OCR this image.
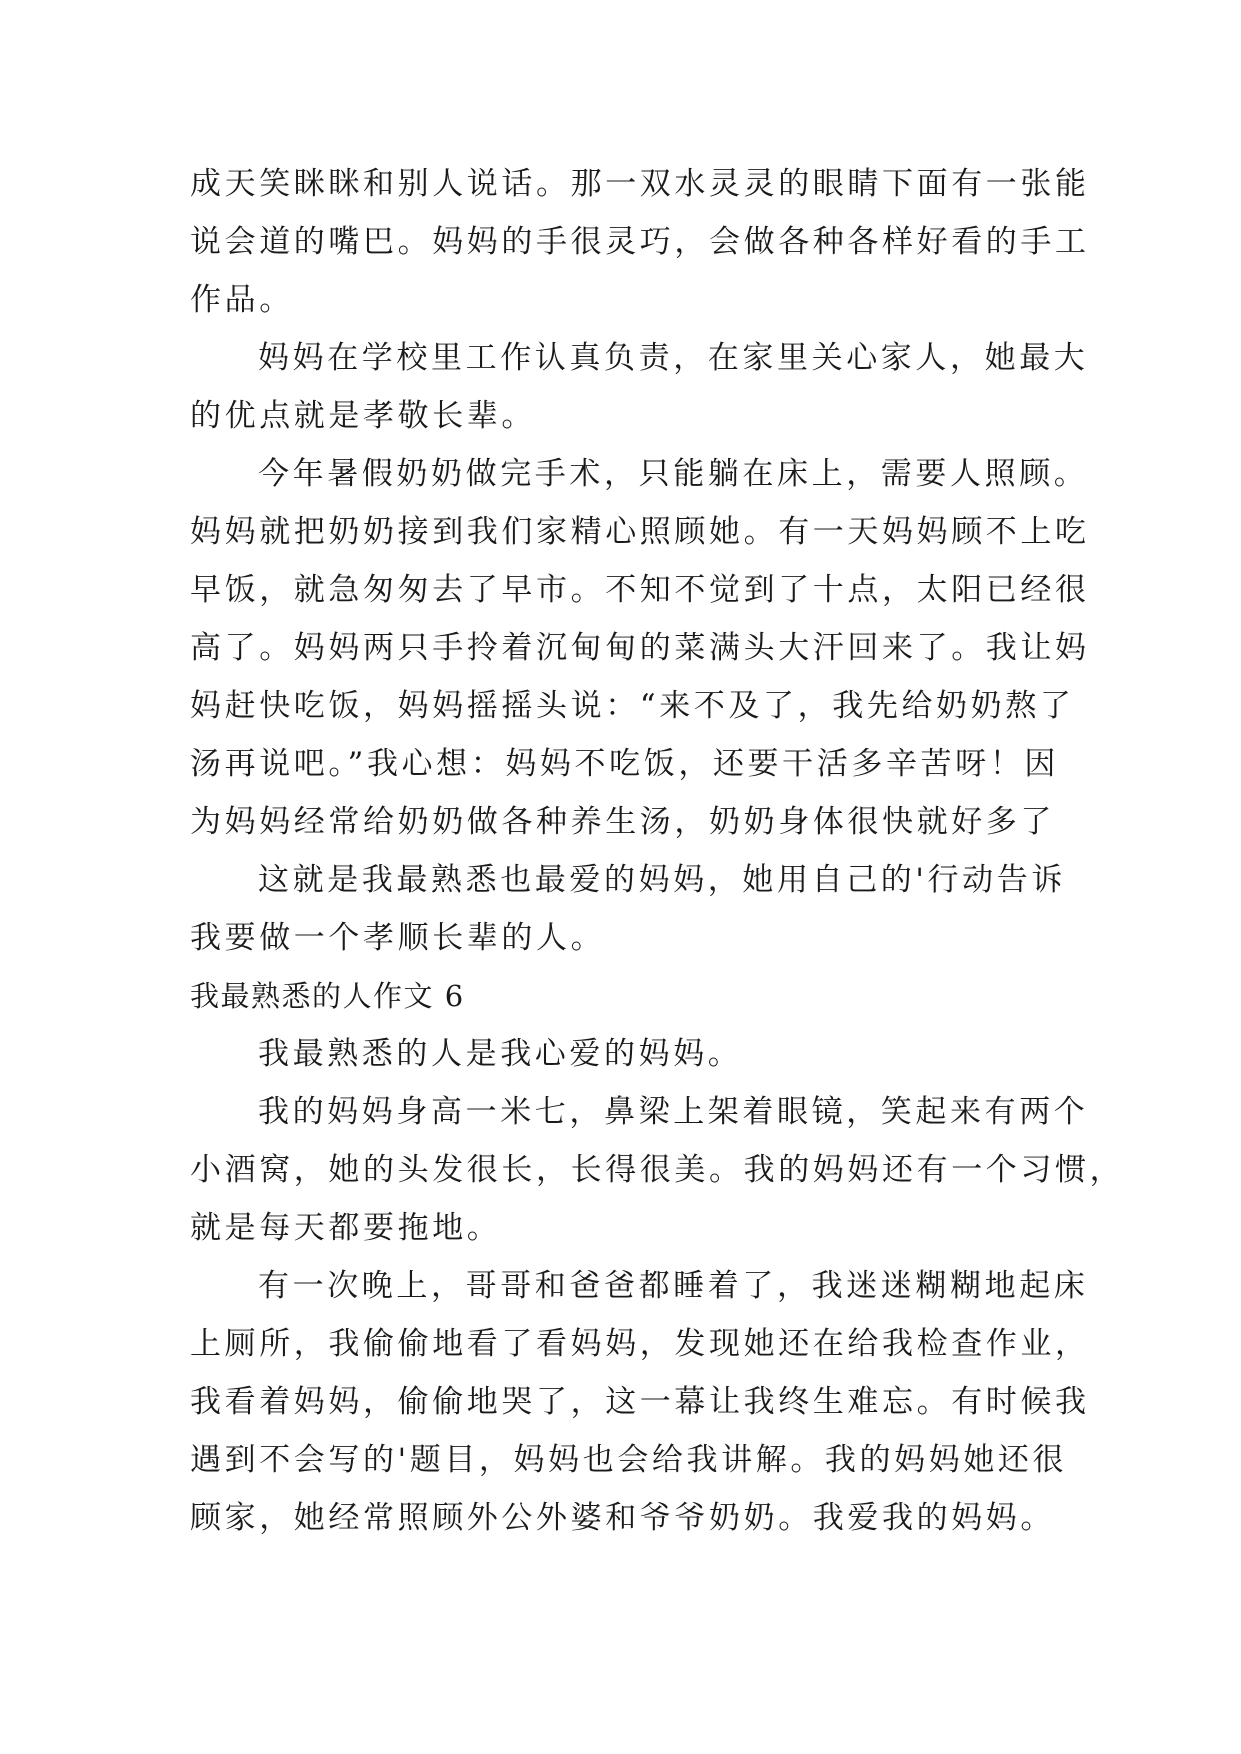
成天笑眯眯和别人说话。那一双水灵灵的眼睛下面有一张能
说会道的嘴巴。妈妈的手很灵巧，会做各种各样好看的手工
作品。
妈妈在学校里工作认真负责，在家里关心家人，她最大
的优点就是孝敬长辈。
今年暑假奶奶做完手术，只能躺在床上，需要人照顾。
妈妈就把奶奶接到我们家精心照顾她。有一天妈妈顾不上吃
早饭，就急匆匆去了早市。不知不觉到了十点，太阳已经很
高了。妈妈两只手拎着沉甸甸的菜满头大汗回来了。我让妈
妈赶快吃饭，妈妈摇摇头说：“来不及了，我先给奶奶熬了
汤再说吧。”我心想：妈妈不吃饭，还要干活多辛苦呀！因
为妈妈经常给奶奶做各种养生汤，奶奶身体很快就好多了
这就是我最熟悉也最爱的妈妈，她用自己的'行动告诉
我要做一个孝顺长辈的人。
我最熟悉的人作文 6
我最熟悉的人是我心爱的妈妈。
我的妈妈身高一米七，鼻梁上架着眼镜，笑起来有两个
小酒窝，她的头发很长，长得很美。我的妈妈还有一个习惯，
就是每天都要拖地。
有一次晚上，哥哥和爸爸都睡着了，我迷迷糊糊地起床
上厕所，我偷偷地看了看妈妈，发现她还在给我检查作业，
我看着妈妈，偷偷地哭了，这一幕让我终生难忘。有时候我
遇到不会写的'题目，妈妈也会给我讲解。我的妈妈她还很
顾家，她经常照顾外公外婆和爷爷奶奶。我爱我的妈妈。
